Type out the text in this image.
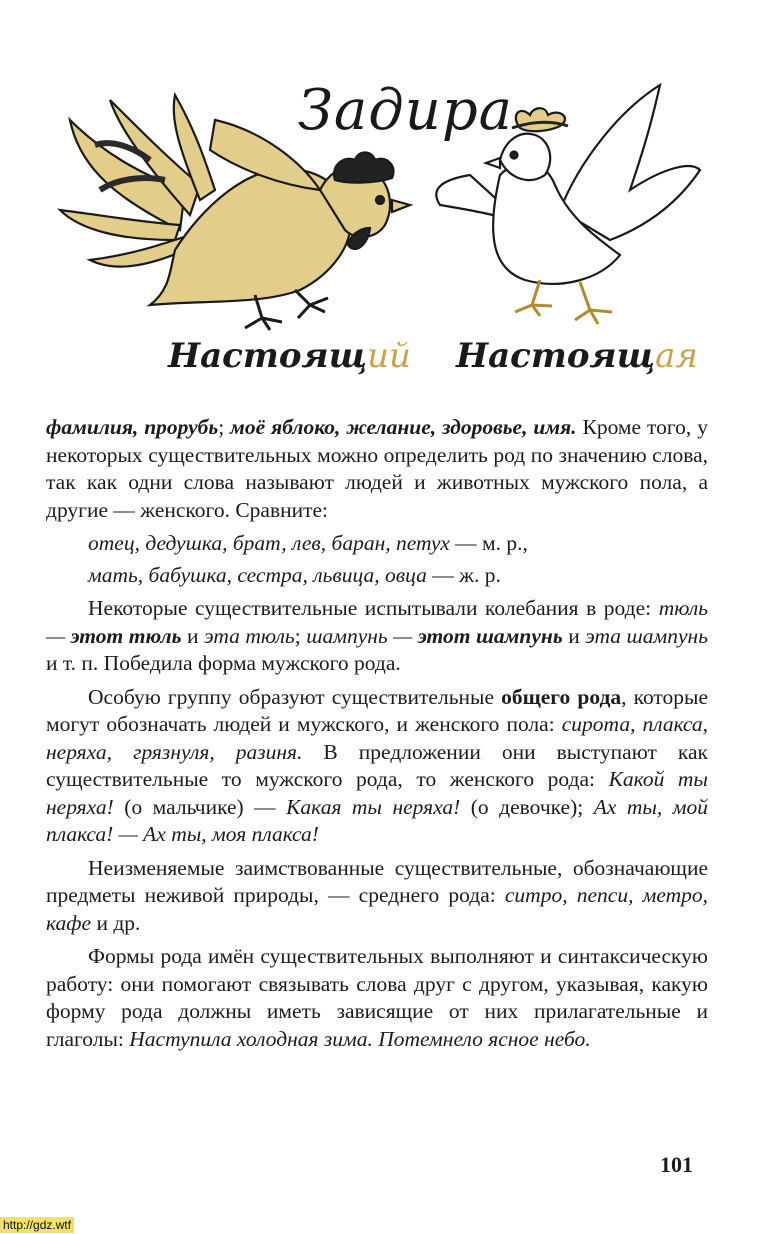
Задира
Настоящий Настоящая

фамилия, прорубь; моё яблоко, желание, здоровье, имя. Кроме того, у некоторых существительных можно определить род по значению слова, так как одни слова называют людей и животных мужского пола, а другие — женского. Сравните:

отец, дедушка, брат, лев, баран, петух — м. р.,
мать, бабушка, сестра, львица, овца — ж. р.

Некоторые существительные испытывали колебания в роде: тюль — этот тюль и эта тюль; шампунь — этот шампунь и эта шампунь и т. п. Победила форма мужского рода.

Особую группу образуют существительные общего рода, которые могут обозначать людей и мужского, и женского пола: сирота, плакса, неряха, грязнуля, разиня. В предложении они выступают как существительные то мужского рода, то женского рода: Какой ты неряха! (о мальчике) — Какая ты неряха! (о девочке); Ах ты, мой плакса! — Ах ты, моя плакса!

Неизменяемые заимствованные существительные, обозначающие предметы неживой природы, — среднего рода: ситро, пепси, метро, кафе и др.

Формы рода имён существительных выполняют и синтаксическую работу: они помогают связывать слова друг с другом, указывая, какую форму рода должны иметь зависящие от них прилагательные и глаголы: Наступила холодная зима. Потемнело ясное небо.

101
http://gdz.wtf
